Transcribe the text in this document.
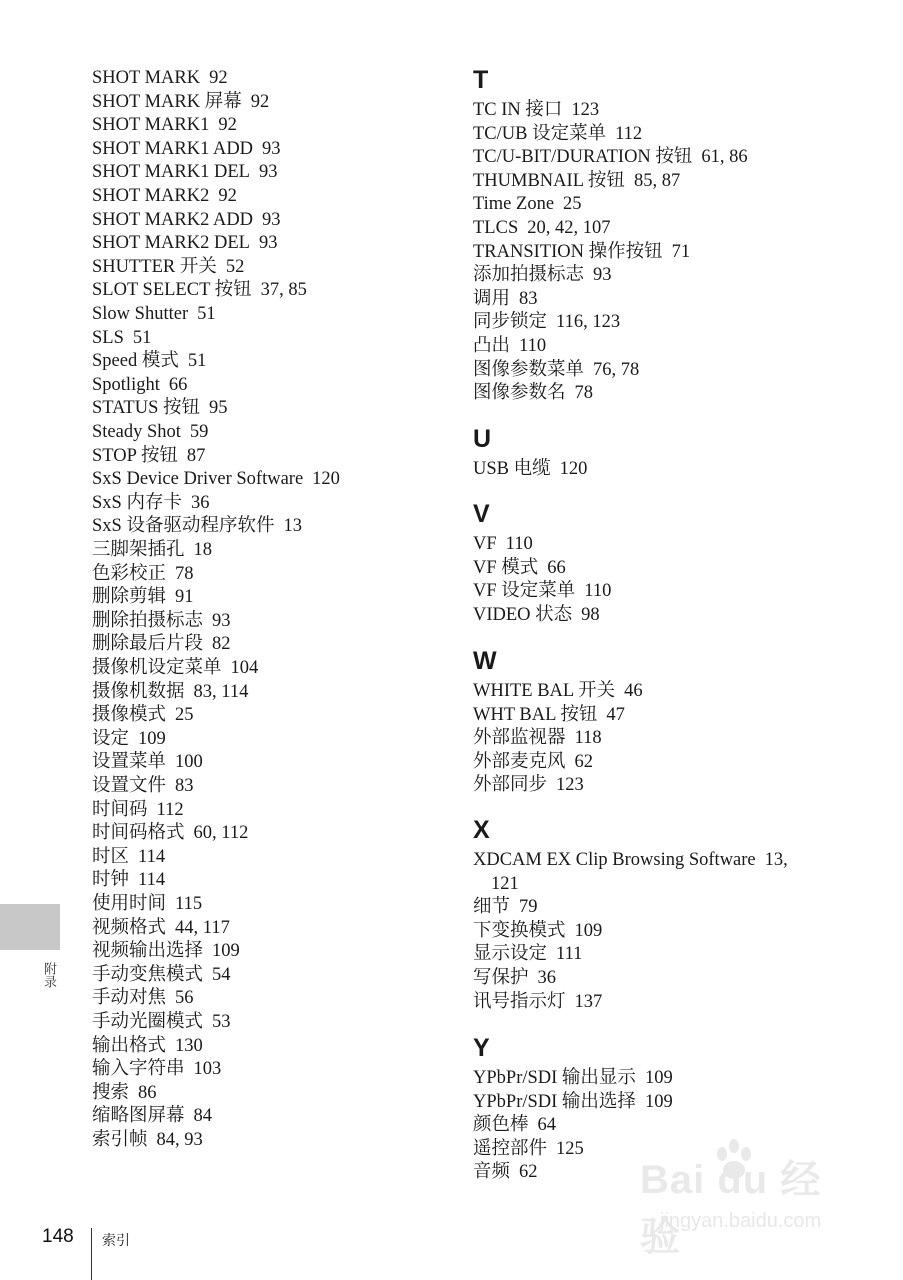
SHOT MARK 92
SHOT MARK 屏幕 92
SHOT MARK1 92
SHOT MARK1 ADD 93
SHOT MARK1 DEL 93
SHOT MARK2 92
SHOT MARK2 ADD 93
SHOT MARK2 DEL 93
SHUTTER 开关 52
SLOT SELECT 按钮 37, 85
Slow Shutter 51
SLS 51
Speed 模式 51
Spotlight 66
STATUS 按钮 95
Steady Shot 59
STOP 按钮 87
SxS Device Driver Software 120
SxS 内存卡 36
SxS 设备驱动程序软件 13
三脚架插孔 18
色彩校正 78
删除剪辑 91
删除拍摄标志 93
删除最后片段 82
摄像机设定菜单 104
摄像机数据 83, 114
摄像模式 25
设定 109
设置菜单 100
设置文件 83
时间码 112
时间码格式 60, 112
时区 114
时钟 114
使用时间 115
视频格式 44, 117
视频输出选择 109
手动变焦模式 54
手动对焦 56
手动光圈模式 53
输出格式 130
输入字符串 103
搜索 86
缩略图屏幕 84
索引帧 84, 93
T
TC IN 接口 123
TC/UB 设定菜单 112
TC/U-BIT/DURATION 按钮 61, 86
THUMBNAIL 按钮 85, 87
Time Zone 25
TLCS 20, 42, 107
TRANSITION 操作按钮 71
添加拍摄标志 93
调用 83
同步锁定 116, 123
凸出 110
图像参数菜单 76, 78
图像参数名 78
U
USB 电缆 120
V
VF 110
VF 模式 66
VF 设定菜单 110
VIDEO 状态 98
W
WHITE BAL 开关 46
WHT BAL 按钮 47
外部监视器 118
外部麦克风 62
外部同步 123
X
XDCAM EX Clip Browsing Software 13,
121
细节 79
下变换模式 109
显示设定 111
写保护 36
讯号指示灯 137
Y
YPbPr/SDI 输出显示 109
YPbPr/SDI 输出选择 109
颜色棒 64
遥控部件 125
音频 62
附录
148 索引
Bai du 经验
jingyan.baidu.com
